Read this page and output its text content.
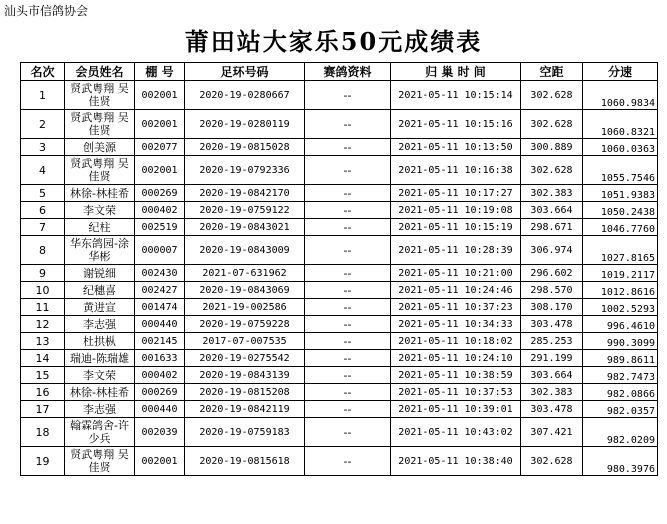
汕头市信鸽协会
莆田站大家乐50元成绩表
名次	会员姓名	棚 号	足环号码	赛鸽资料	归 巢 时 间	空距	分速
1	贤武粤翔 吴佳贤	002001	2020-19-0280667	--	2021-05-11 10:15:14	302.628	1060.9834
2	贤武粤翔 吴佳贤	002001	2020-19-0280119	--	2021-05-11 10:15:16	302.628	1060.8321
3	创美源	002077	2020-19-0815028	--	2021-05-11 10:13:50	300.889	1060.0363
4	贤武粤翔 吴佳贤	002001	2020-19-0792336	--	2021-05-11 10:16:38	302.628	1055.7546
5	林徐-林桂希	000269	2020-19-0842170	--	2021-05-11 10:17:27	302.383	1051.9383
6	李文荣	000402	2020-19-0759122	--	2021-05-11 10:19:08	303.664	1050.2438
7	纪柱	002519	2020-19-0843021	--	2021-05-11 10:15:19	298.671	1046.7760
8	华东鸽园-涂华彬	000007	2020-19-0843009	--	2021-05-11 10:28:39	306.974	1027.8165
9	谢锐细	002430	2021-07-631962	--	2021-05-11 10:21:00	296.602	1019.2117
10	纪穗喜	002427	2020-19-0843069	--	2021-05-11 10:24:46	298.570	1012.8616
11	黄进宣	001474	2021-19-002586	--	2021-05-11 10:37:23	308.170	1002.5293
12	李志强	000440	2020-19-0759228	--	2021-05-11 10:34:33	303.478	996.4610
13	杜拱枞	002145	2017-07-007535	--	2021-05-11 10:18:02	285.253	990.3099
14	瑞迪-陈瑞雄	001633	2020-19-0275542	--	2021-05-11 10:24:10	291.199	989.8611
15	李文荣	000402	2020-19-0843139	--	2021-05-11 10:38:59	303.664	982.7473
16	林徐-林桂希	000269	2020-19-0815208	--	2021-05-11 10:37:53	302.383	982.0866
17	李志强	000440	2020-19-0842119	--	2021-05-11 10:39:01	303.478	982.0357
18	翰霖鸽舍-许少兵	002039	2020-19-0759183	--	2021-05-11 10:43:02	307.421	982.0209
19	贤武粤翔 吴佳贤	002001	2020-19-0815618	--	2021-05-11 10:38:40	302.628	980.3976
